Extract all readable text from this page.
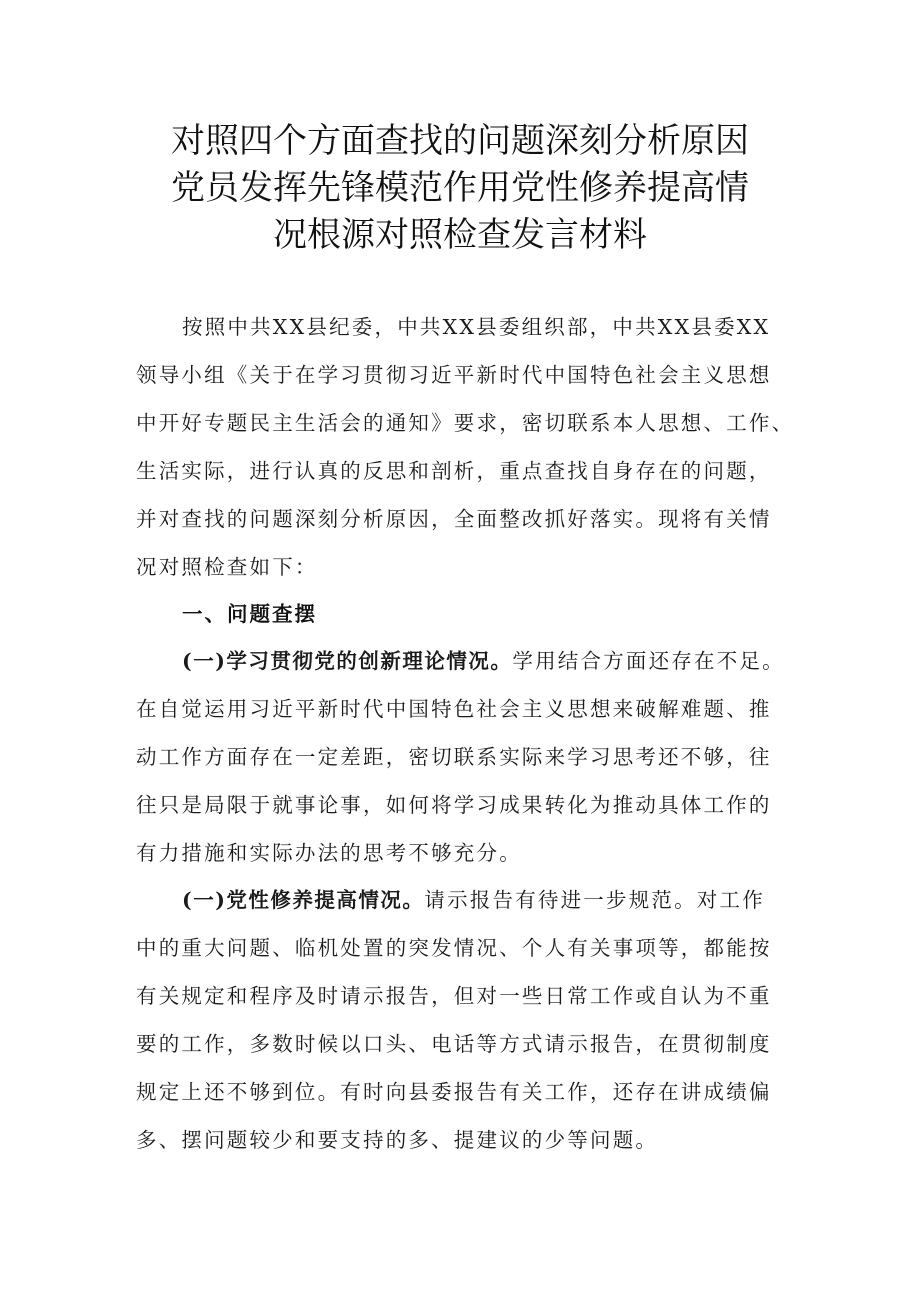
对照四个方面查找的问题深刻分析原因
党员发挥先锋模范作用党性修养提高情
况根源对照检查发言材料

按照中共XX县纪委，中共XX县委组织部，中共XX县委XX
领导小组《关于在学习贯彻习近平新时代中国特色社会主义思想
中开好专题民主生活会的通知》要求，密切联系本人思想、工作、
生活实际，进行认真的反思和剖析，重点查找自身存在的问题，
并对查找的问题深刻分析原因，全面整改抓好落实。现将有关情
况对照检查如下：

一、问题查摆

(一)学习贯彻党的创新理论情况。学用结合方面还存在不足。
在自觉运用习近平新时代中国特色社会主义思想来破解难题、推
动工作方面存在一定差距，密切联系实际来学习思考还不够，往
往只是局限于就事论事，如何将学习成果转化为推动具体工作的
有力措施和实际办法的思考不够充分。

(一)党性修养提高情况。请示报告有待进一步规范。对工作
中的重大问题、临机处置的突发情况、个人有关事项等，都能按
有关规定和程序及时请示报告，但对一些日常工作或自认为不重
要的工作，多数时候以口头、电话等方式请示报告，在贯彻制度
规定上还不够到位。有时向县委报告有关工作，还存在讲成绩偏
多、摆问题较少和要支持的多、提建议的少等问题。
